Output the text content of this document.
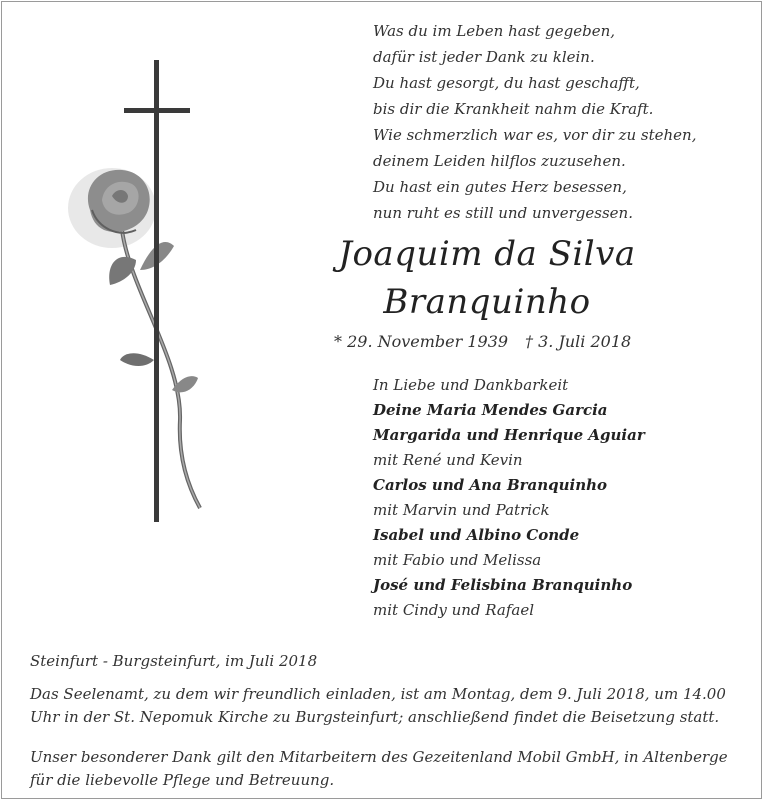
Was du im Leben hast gegeben,
dafür ist jeder Dank zu klein.
Du hast gesorgt, du hast geschafft,
bis dir die Krankheit nahm die Kraft.
Wie schmerzlich war es, vor dir zu stehen,
deinem Leiden hilflos zuzusehen.
Du hast ein gutes Herz besessen,
nun ruht es still und unvergessen.
Joaquim da Silva
Branquinho
* 29. November 1939 † 3. Juli 2018
In Liebe und Dankbarkeit
Deine Maria Mendes Garcia
Margarida und Henrique Aguiar
mit René und Kevin
Carlos und Ana Branquinho
mit Marvin und Patrick
Isabel und Albino Conde
mit Fabio und Melissa
José und Felisbina Branquinho
mit Cindy und Rafael
Steinfurt - Burgsteinfurt, im Juli 2018
Das Seelenamt, zu dem wir freundlich einladen, ist am Montag, dem 9. Juli 2018, um 14.00 Uhr in der St. Nepomuk Kirche zu Burgsteinfurt; anschließend findet die Beisetzung statt.
Unser besonderer Dank gilt den Mitarbeitern des Gezeitenland Mobil GmbH, in Altenberge für die liebevolle Pflege und Betreuung.
